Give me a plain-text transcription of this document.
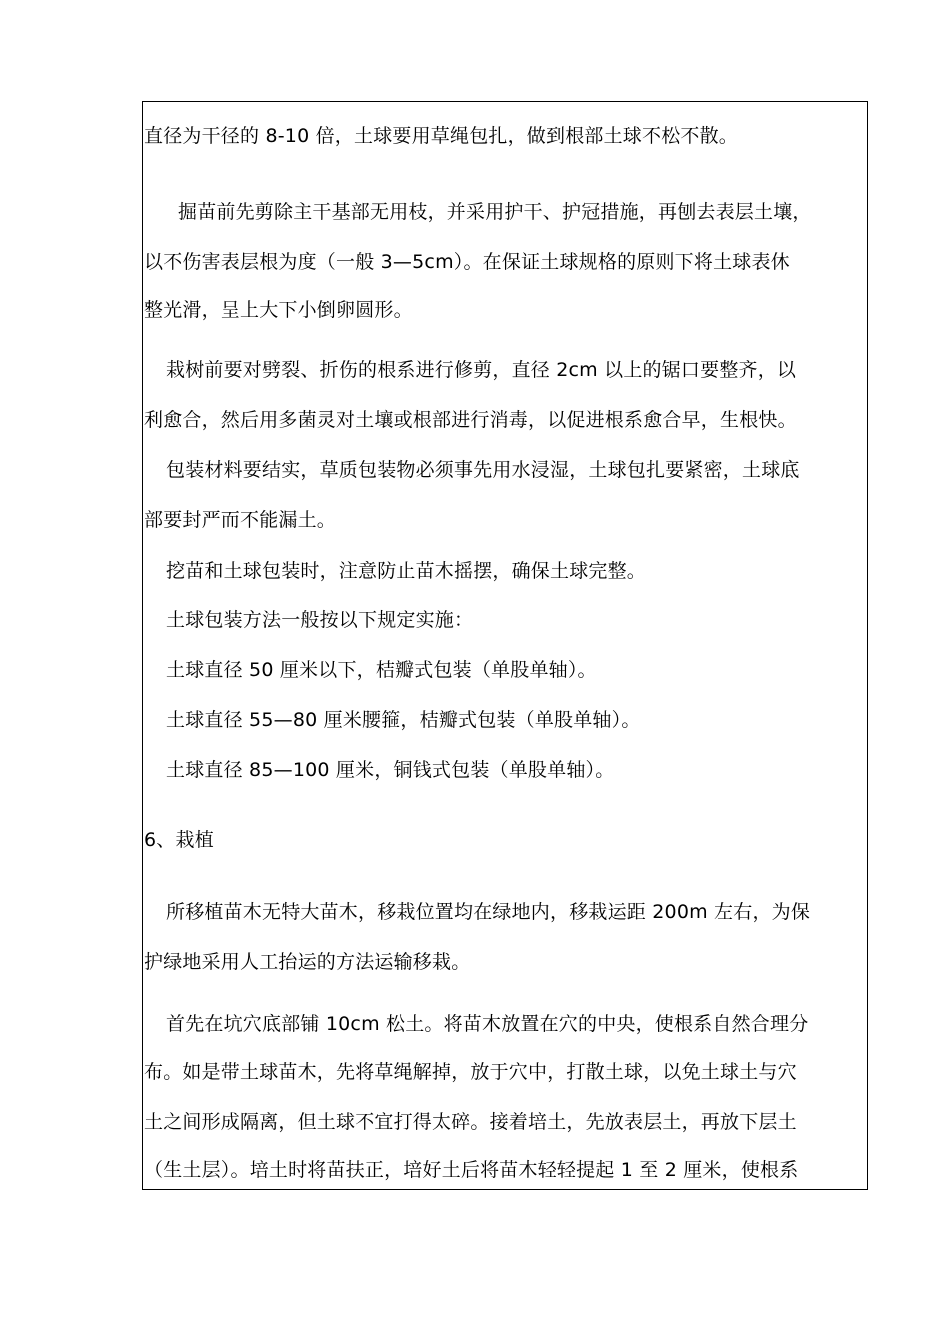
直径为干径的 8-10 倍，土球要用草绳包扎，做到根部土球不松不散。
掘苗前先剪除主干基部无用枝，并采用护干、护冠措施，再刨去表层土壤，
以不伤害表层根为度（一般 3—5cm）。在保证土球规格的原则下将土球表休
整光滑，呈上大下小倒卵圆形。
栽树前要对劈裂、折伤的根系进行修剪，直径 2cm 以上的锯口要整齐，以
利愈合，然后用多菌灵对土壤或根部进行消毒，以促进根系愈合早，生根快。
包装材料要结实，草质包装物必须事先用水浸湿，土球包扎要紧密，土球底
部要封严而不能漏土。
挖苗和土球包装时，注意防止苗木摇摆，确保土球完整。
土球包装方法一般按以下规定实施：
土球直径 50 厘米以下，桔瓣式包装（单股单轴）。
土球直径 55—80 厘米腰箍，桔瓣式包装（单股单轴）。
土球直径 85—100 厘米，铜钱式包装（单股单轴）。
6、栽植
所移植苗木无特大苗木，移栽位置均在绿地内，移栽运距 200m 左右，为保
护绿地采用人工抬运的方法运输移栽。
首先在坑穴底部铺 10cm 松土。将苗木放置在穴的中央，使根系自然合理分
布。如是带土球苗木，先将草绳解掉，放于穴中，打散土球，以免土球土与穴
土之间形成隔离，但土球不宜打得太碎。接着培土，先放表层土，再放下层土
（生土层）。培土时将苗扶正，培好土后将苗木轻轻提起 1 至 2 厘米，使根系
